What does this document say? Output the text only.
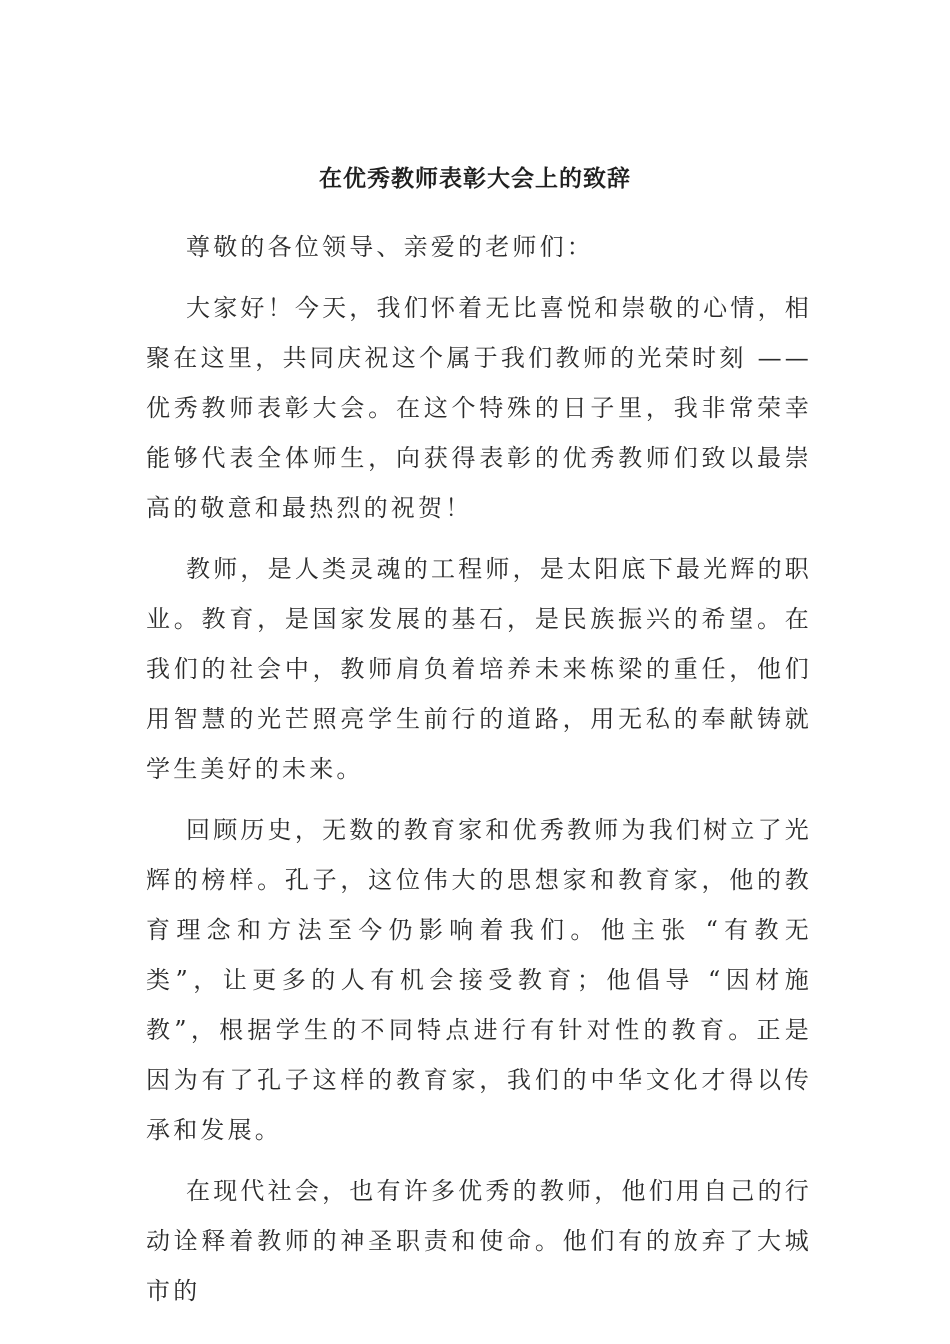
在优秀教师表彰大会上的致辞

尊敬的各位领导、亲爱的老师们：

大家好！今天，我们怀着无比喜悦和崇敬的心情，相聚在这里，共同庆祝这个属于我们教师的光荣时刻 —— 优秀教师表彰大会。在这个特殊的日子里，我非常荣幸能够代表全体师生，向获得表彰的优秀教师们致以最崇高的敬意和最热烈的祝贺！

教师，是人类灵魂的工程师，是太阳底下最光辉的职业。教育，是国家发展的基石，是民族振兴的希望。在我们的社会中，教师肩负着培养未来栋梁的重任，他们用智慧的光芒照亮学生前行的道路，用无私的奉献铸就学生美好的未来。

回顾历史，无数的教育家和优秀教师为我们树立了光辉的榜样。孔子，这位伟大的思想家和教育家，他的教育理念和方法至今仍影响着我们。他主张 “有教无类”，让更多的人有机会接受教育；他倡导 “因材施教”，根据学生的不同特点进行有针对性的教育。正是因为有了孔子这样的教育家，我们的中华文化才得以传承和发展。

在现代社会，也有许多优秀的教师，他们用自己的行动诠释着教师的神圣职责和使命。他们有的放弃了大城市的
